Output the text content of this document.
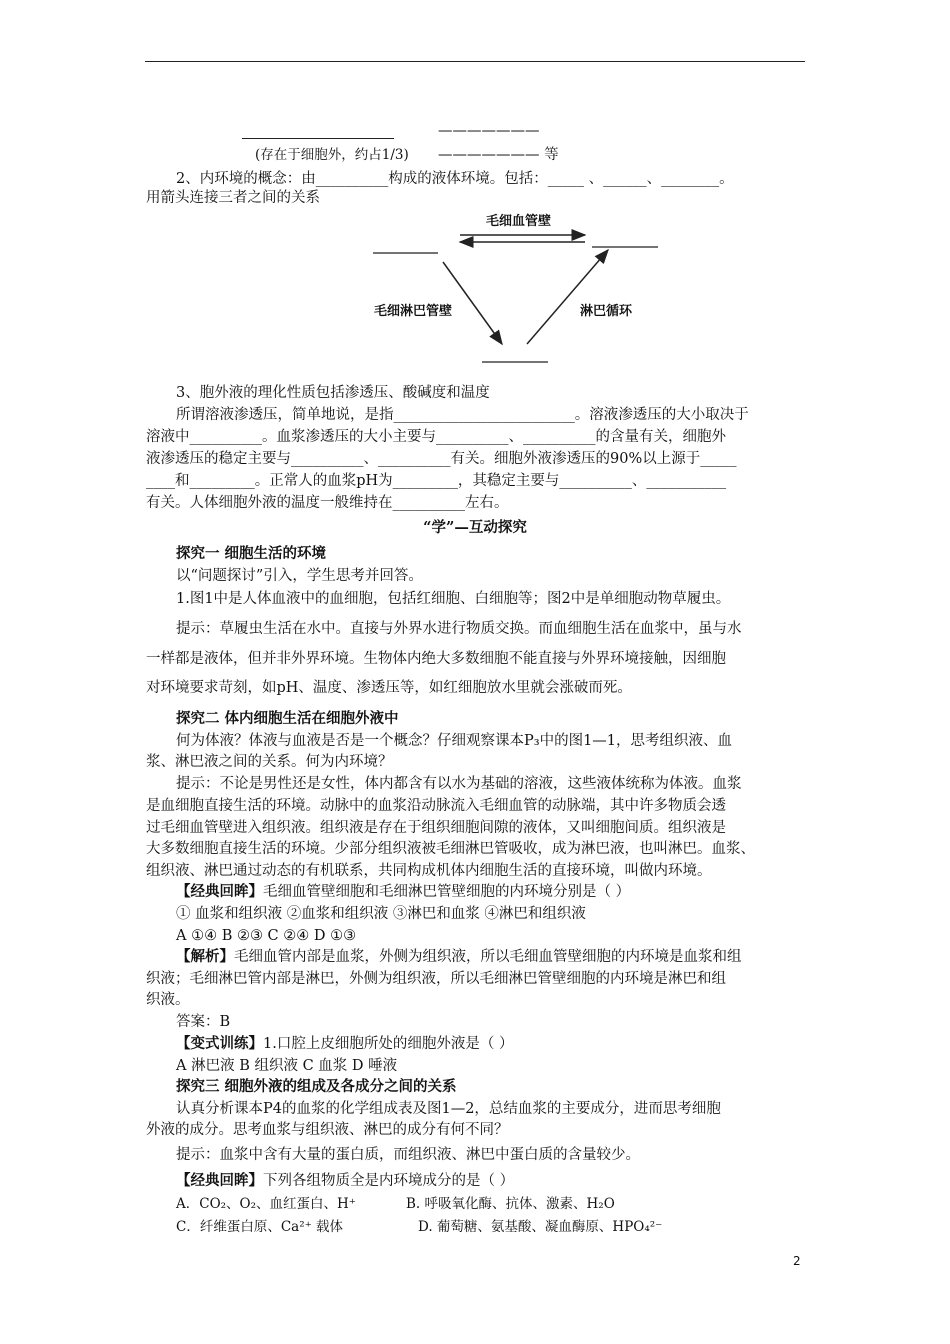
(存在于细胞外，约占1/3)
———————
——————— 等
2、内环境的概念：由__________构成的液体环境。包括：_____ 、______、________。
用箭头连接三者之间的关系
毛细血管壁
毛细淋巴管壁	淋巴循环
3、胞外液的理化性质包括渗透压、酸碱度和温度
所谓溶液渗透压，简单地说，是指_________________________。溶液渗透压的大小取决于
溶液中__________。血浆渗透压的大小主要与__________、__________的含量有关，细胞外
液渗透压的稳定主要与__________、__________有关。细胞外液渗透压的90%以上源于_____
____和_________。正常人的血浆pH为_________，其稳定主要与__________、___________
有关。人体细胞外液的温度一般维持在__________左右。
“学”—互动探究
探究一 细胞生活的环境
以“问题探讨”引入，学生思考并回答。
1.图1中是人体血液中的血细胞，包括红细胞、白细胞等；图2中是单细胞动物草履虫。
提示：草履虫生活在水中。直接与外界水进行物质交换。而血细胞生活在血浆中，虽与水
一样都是液体，但并非外界环境。生物体内绝大多数细胞不能直接与外界环境接触，因细胞
对环境要求苛刻，如pH、温度、渗透压等，如红细胞放水里就会涨破而死。
探究二 体内细胞生活在细胞外液中
何为体液？体液与血液是否是一个概念？仔细观察课本P₃中的图1—1，思考组织液、血
浆、淋巴液之间的关系。何为内环境？
提示：不论是男性还是女性，体内都含有以水为基础的溶液，这些液体统称为体液。血浆
是血细胞直接生活的环境。动脉中的血浆沿动脉流入毛细血管的动脉端，其中许多物质会透
过毛细血管壁进入组织液。组织液是存在于组织细胞间隙的液体，又叫细胞间质。组织液是
大多数细胞直接生活的环境。少部分组织液被毛细淋巴管吸收，成为淋巴液，也叫淋巴。血浆、
组织液、淋巴通过动态的有机联系，共同构成机体内细胞生活的直接环境，叫做内环境。
【经典回眸】毛细血管壁细胞和毛细淋巴管壁细胞的内环境分别是（ ）
① 血浆和组织液 ②血浆和组织液 ③淋巴和血浆 ④淋巴和组织液
A ①④ B ②③ C ②④ D ①③
【解析】毛细血管内部是血浆，外侧为组织液，所以毛细血管壁细胞的内环境是血浆和组
织液；毛细淋巴管内部是淋巴，外侧为组织液，所以毛细淋巴管壁细胞的内环境是淋巴和组
织液。
答案：B
【变式训练】1.口腔上皮细胞所处的细胞外液是（ ）
A 淋巴液 B 组织液 C 血浆 D 唾液
探究三 细胞外液的组成及各成分之间的关系
认真分析课本P4的血浆的化学组成表及图1—2，总结血浆的主要成分，进而思考细胞
外液的成分。思考血浆与组织液、淋巴的成分有何不同？
提示：血浆中含有大量的蛋白质，而组织液、淋巴中蛋白质的含量较少。
【经典回眸】下列各组物质全是内环境成分的是（ ）
A．CO₂、O₂、血红蛋白、H⁺	B. 呼吸氧化酶、抗体、激素、H₂O
C．纤维蛋白原、Ca²⁺ 载体	D. 葡萄糖、氨基酸、凝血酶原、HPO₄²⁻
2
